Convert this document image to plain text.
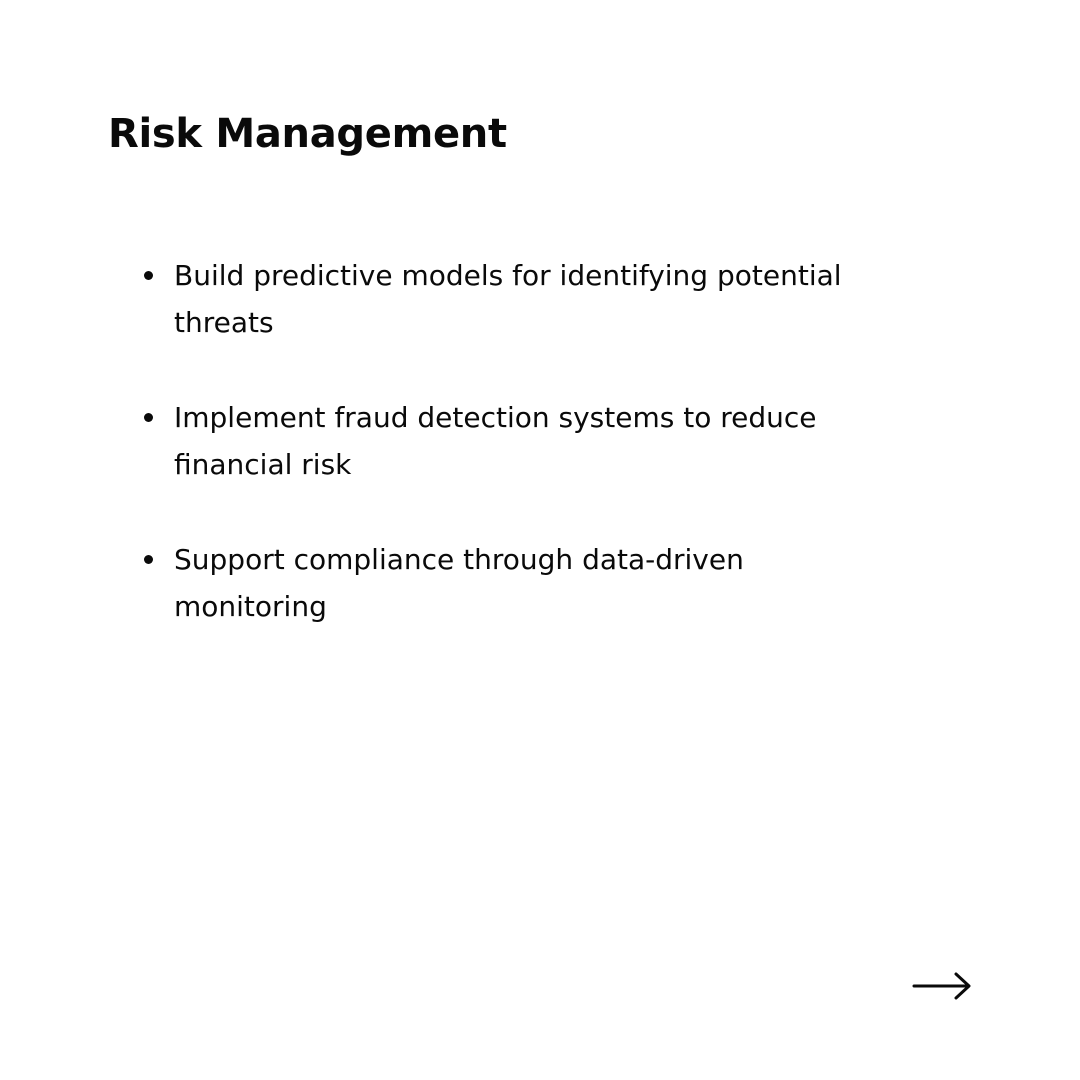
Risk Management
Build predictive models for identifying potential threats
Implement fraud detection systems to reduce financial risk
Support compliance through data-driven monitoring
